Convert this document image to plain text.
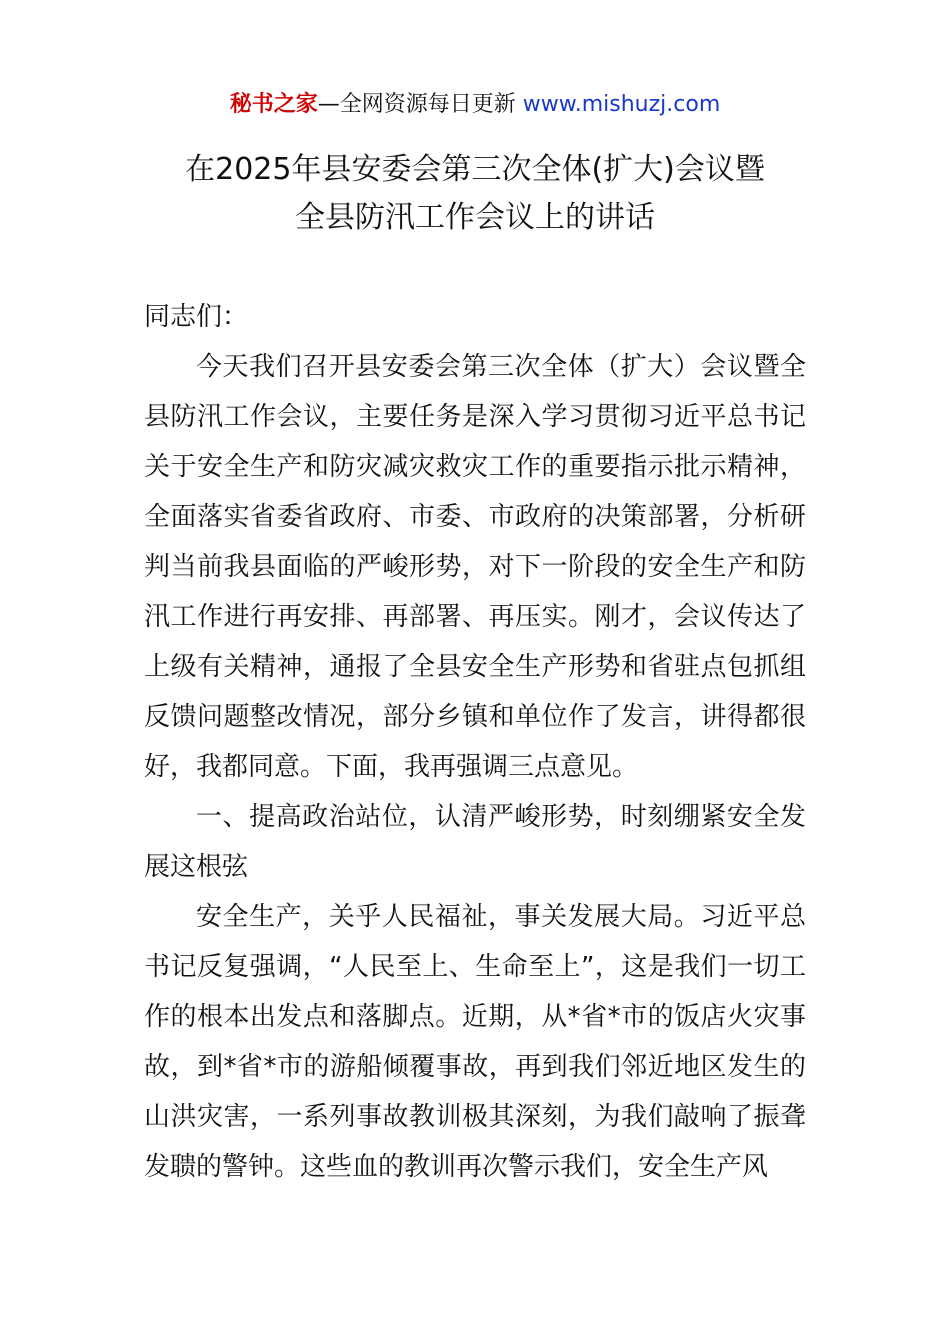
秘书之家—全网资源每日更新 www.mishuzj.com
在2025年县安委会第三次全体(扩大)会议暨
全县防汛工作会议上的讲话

同志们：

今天我们召开县安委会第三次全体（扩大）会议暨全县防汛工作会议，主要任务是深入学习贯彻习近平总书记关于安全生产和防灾减灾救灾工作的重要指示批示精神，全面落实省委省政府、市委、市政府的决策部署，分析研判当前我县面临的严峻形势，对下一阶段的安全生产和防汛工作进行再安排、再部署、再压实。刚才，会议传达了上级有关精神，通报了全县安全生产形势和省驻点包抓组反馈问题整改情况，部分乡镇和单位作了发言，讲得都很好，我都同意。下面，我再强调三点意见。

一、提高政治站位，认清严峻形势，时刻绷紧安全发展这根弦

安全生产，关乎人民福祉，事关发展大局。习近平总书记反复强调，“人民至上、生命至上”，这是我们一切工作的根本出发点和落脚点。近期，从*省*市的饭店火灾事故，到*省*市的游船倾覆事故，再到我们邻近地区发生的山洪灾害，一系列事故教训极其深刻，为我们敲响了振聋发聩的警钟。这些血的教训再次警示我们，安全生产风
